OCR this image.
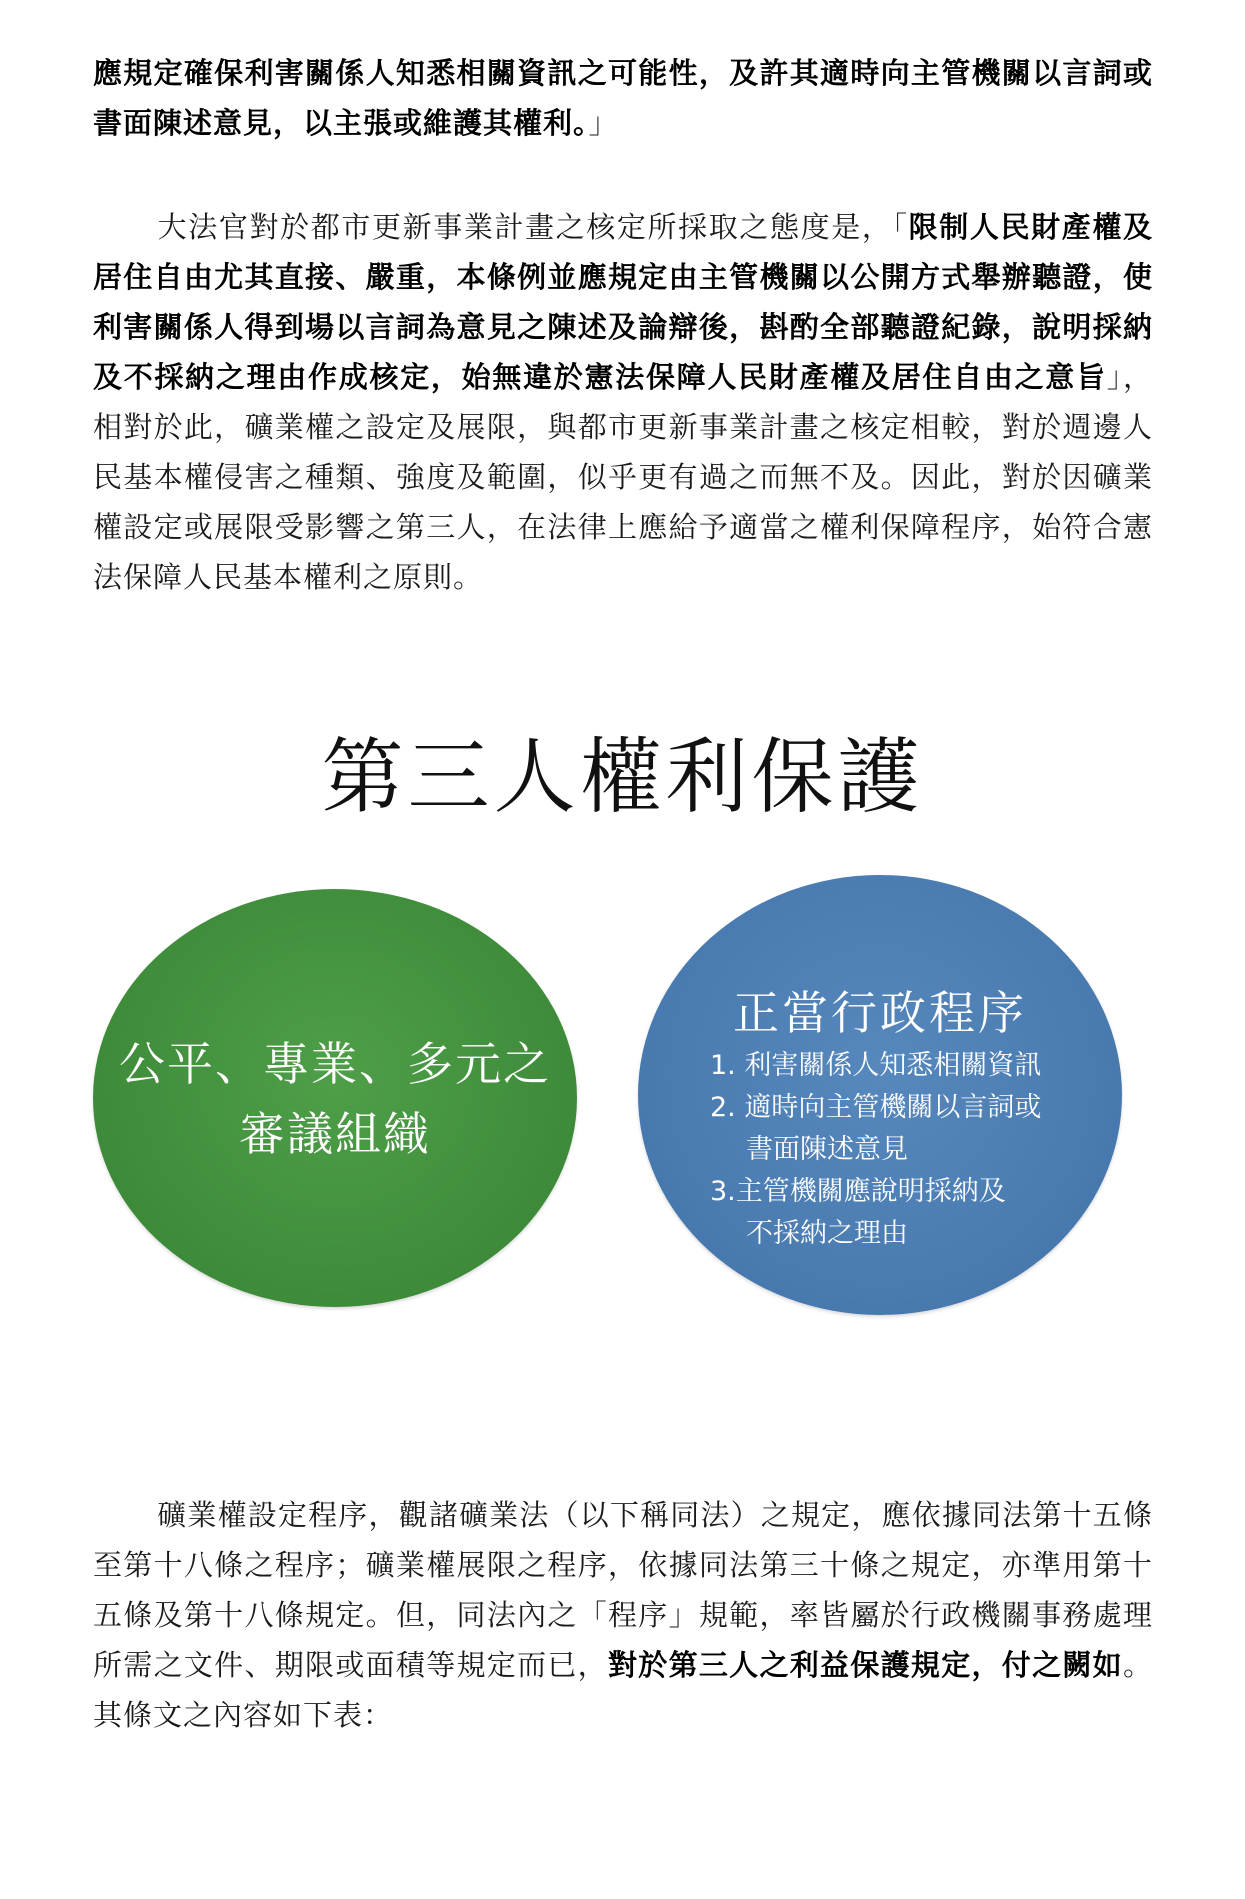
應規定確保利害關係人知悉相關資訊之可能性，及許其適時向主管機關以言詞或書面陳述意見，以主張或維護其權利。」

大法官對於都市更新事業計畫之核定所採取之態度是，「限制人民財產權及居住自由尤其直接、嚴重，本條例並應規定由主管機關以公開方式舉辦聽證，使利害關係人得到場以言詞為意見之陳述及論辯後，斟酌全部聽證紀錄，說明採納及不採納之理由作成核定，始無違於憲法保障人民財產權及居住自由之意旨」，相對於此，礦業權之設定及展限，與都市更新事業計畫之核定相較，對於週邊人民基本權侵害之種類、強度及範圍，似乎更有過之而無不及。因此，對於因礦業權設定或展限受影響之第三人，在法律上應給予適當之權利保障程序，始符合憲法保障人民基本權利之原則。

第三人權利保護
公平、專業、多元之
審議組織
正當行政程序
1. 利害關係人知悉相關資訊
2. 適時向主管機關以言詞或
書面陳述意見
3.主管機關應說明採納及
不採納之理由

礦業權設定程序，觀諸礦業法（以下稱同法）之規定，應依據同法第十五條至第十八條之程序；礦業權展限之程序，依據同法第三十條之規定，亦準用第十五條及第十八條規定。但，同法內之「程序」規範，率皆屬於行政機關事務處理所需之文件、期限或面積等規定而已，對於第三人之利益保護規定，付之闕如。其條文之內容如下表：
